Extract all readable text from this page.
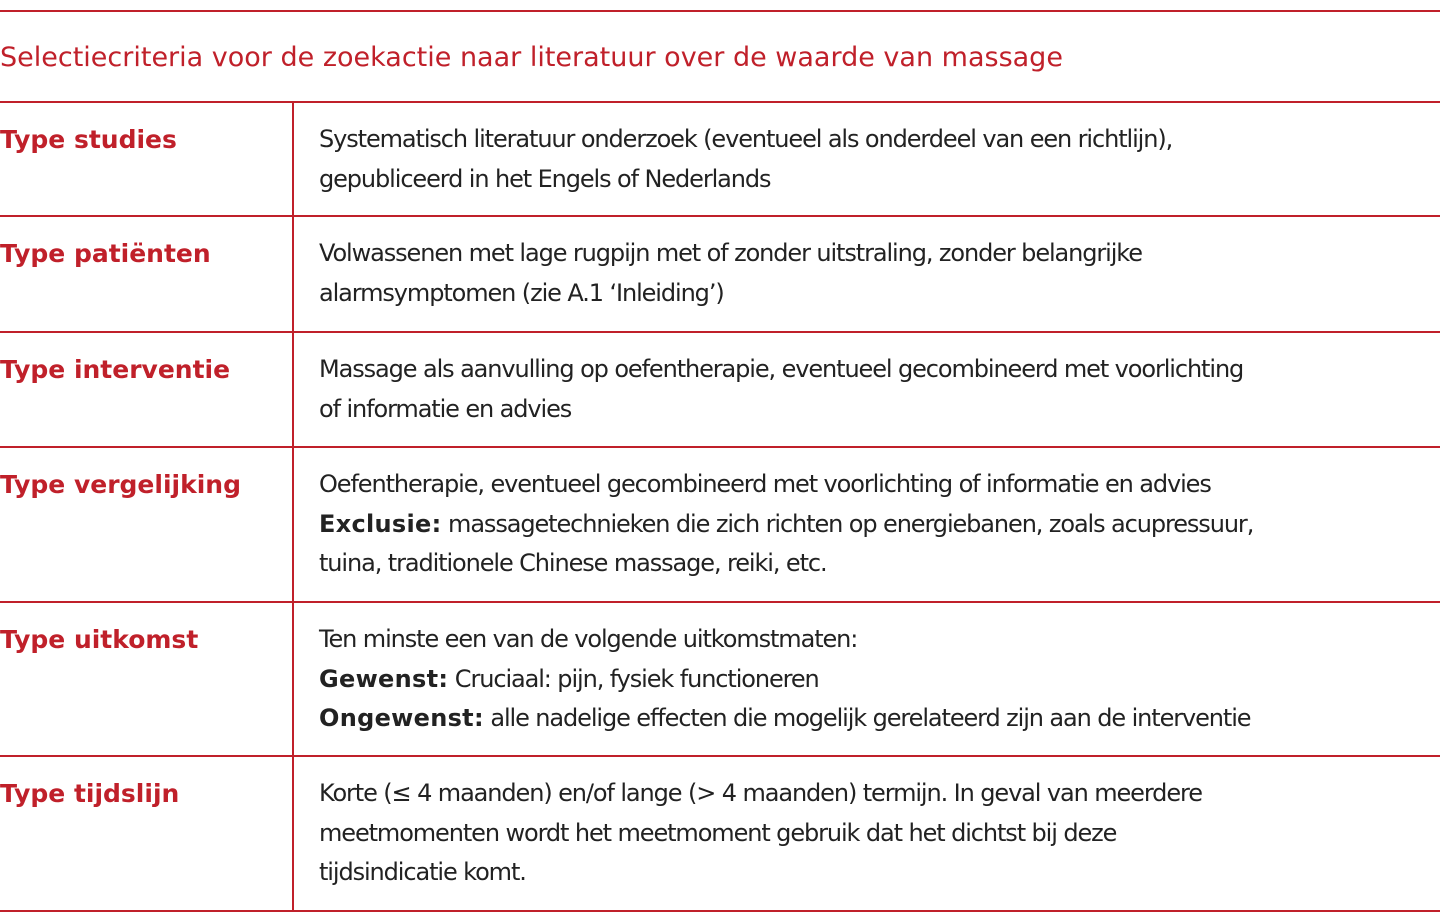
Selectiecriteria voor de zoekactie naar literatuur over de waarde van massage
Type studies	Systematisch literatuur onderzoek (eventueel als onderdeel van een richtlijn),
gepubliceerd in het Engels of Nederlands
Type patiënten	Volwassenen met lage rugpijn met of zonder uitstraling, zonder belangrijke
alarmsymptomen (zie A.1 ‘Inleiding’)
Type interventie	Massage als aanvulling op oefentherapie, eventueel gecombineerd met voorlichting
of informatie en advies
Type vergelijking	Oefentherapie, eventueel gecombineerd met voorlichting of informatie en advies
Exclusie: massagetechnieken die zich richten op energiebanen, zoals acupressuur,
tuina, traditionele Chinese massage, reiki, etc.
Type uitkomst	Ten minste een van de volgende uitkomstmaten:
Gewenst: Cruciaal: pijn, fysiek functioneren
Ongewenst: alle nadelige effecten die mogelijk gerelateerd zijn aan de interventie
Type tijdslijn	Korte (≤ 4 maanden) en/of lange (> 4 maanden) termijn. In geval van meerdere
meetmomenten wordt het meetmoment gebruik dat het dichtst bij deze
tijdsindicatie komt.
